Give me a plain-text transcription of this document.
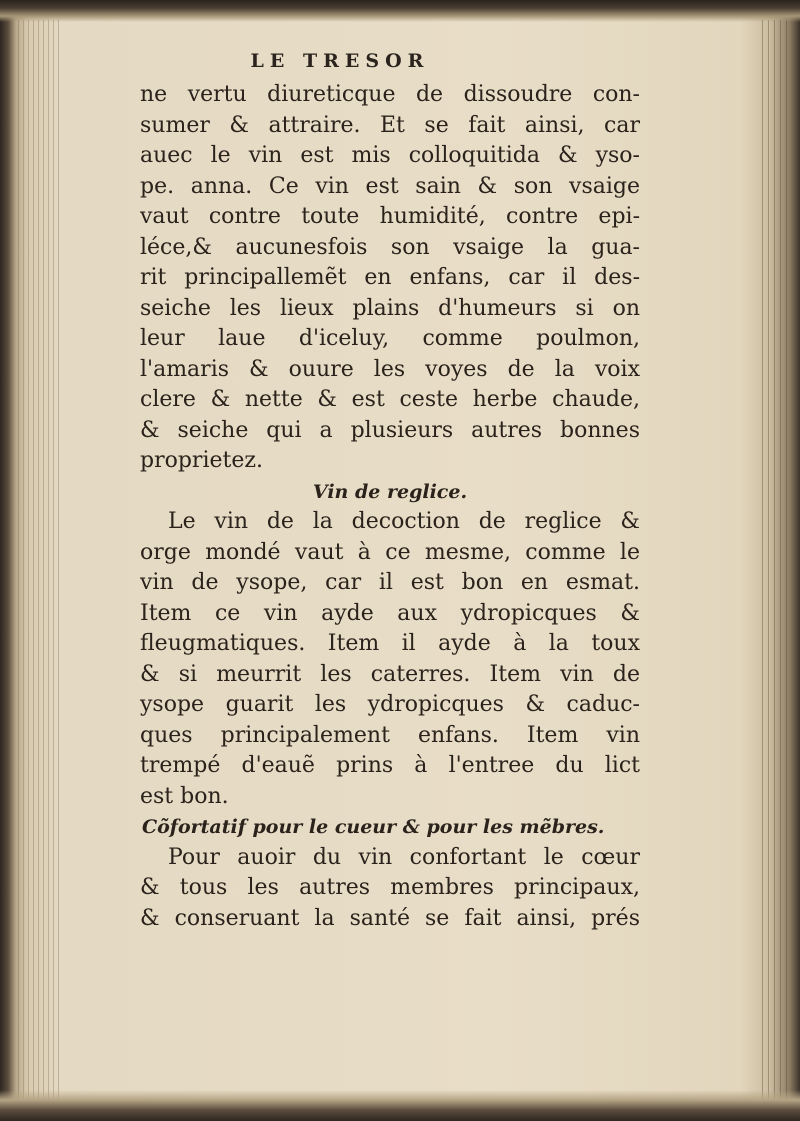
LE TRESOR
ne vertu diureticque de dissoudre con-
sumer & attraire. Et se fait ainsi, car
auec le vin est mis colloquitida & yso-
pe. anna. Ce vin est sain & son vsaige
vaut contre toute humidité, contre epi-
léce,& aucunesfois son vsaige la gua-
rit principallemẽt en enfans, car il des-
seiche les lieux plains d'humeurs si on
leur laue d'iceluy, comme poulmon,
l'amaris & ouure les voyes de la voix
clere & nette & est ceste herbe chaude,
& seiche qui a plusieurs autres bonnes
proprietez.
Vin de reglice.
Le vin de la decoction de reglice &
orge mondé vaut à ce mesme, comme le
vin de ysope, car il est bon en esmat.
Item ce vin ayde aux ydropicques &
fleugmatiques. Item il ayde à la toux
& si meurrit les caterres. Item vin de
ysope guarit les ydropicques & caduc-
ques principalement enfans. Item vin
trempé d'eauẽ prins à l'entree du lict
est bon.
Cõfortatif pour le cueur & pour les mẽbres.
Pour auoir du vin confortant le cœur
& tous les autres membres principaux,
& conseruant la santé se fait ainsi, prés
